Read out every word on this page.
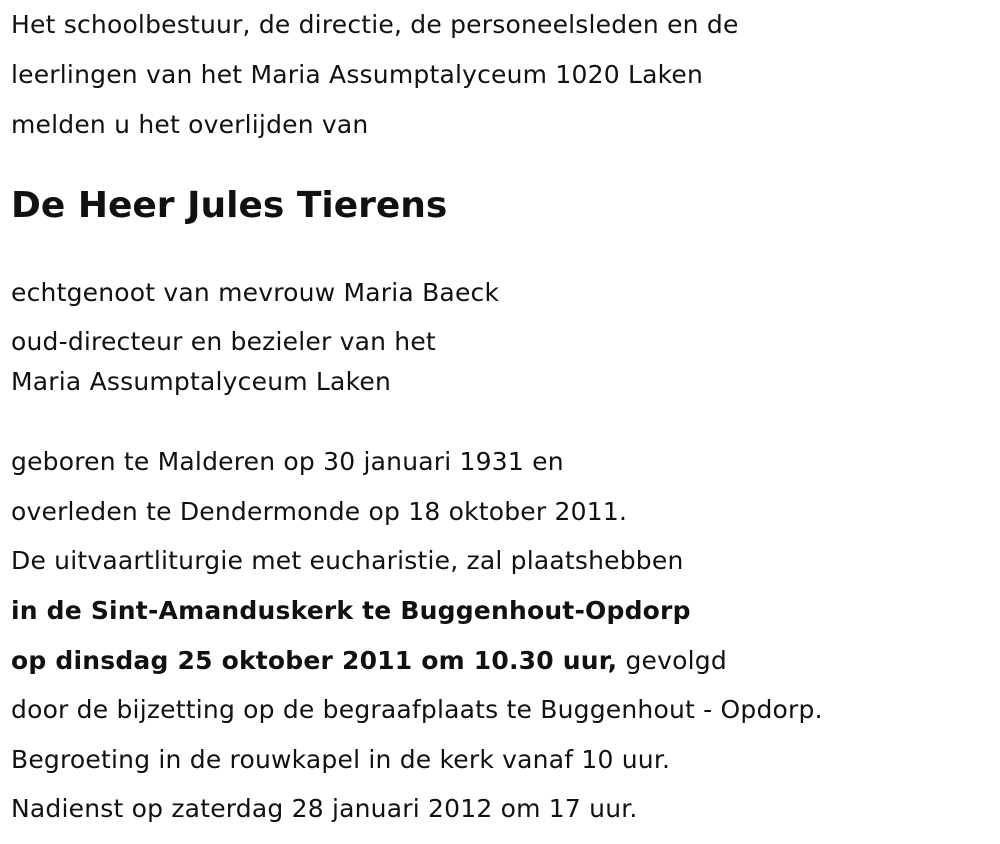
Het schoolbestuur, de directie, de personeelsleden en de
leerlingen van het Maria Assumptalyceum 1020 Laken
melden u het overlijden van
De Heer Jules Tierens
echtgenoot van mevrouw Maria Baeck
oud-directeur en bezieler van het
Maria Assumptalyceum Laken
geboren te Malderen op 30 januari 1931 en
overleden te Dendermonde op 18 oktober 2011.
De uitvaartliturgie met eucharistie, zal plaatshebben
in de Sint-Amanduskerk te Buggenhout-Opdorp
op dinsdag 25 oktober 2011 om 10.30 uur, gevolgd
door de bijzetting op de begraafplaats te Buggenhout - Opdorp.
Begroeting in de rouwkapel in de kerk vanaf 10 uur.
Nadienst op zaterdag 28 januari 2012 om 17 uur.
